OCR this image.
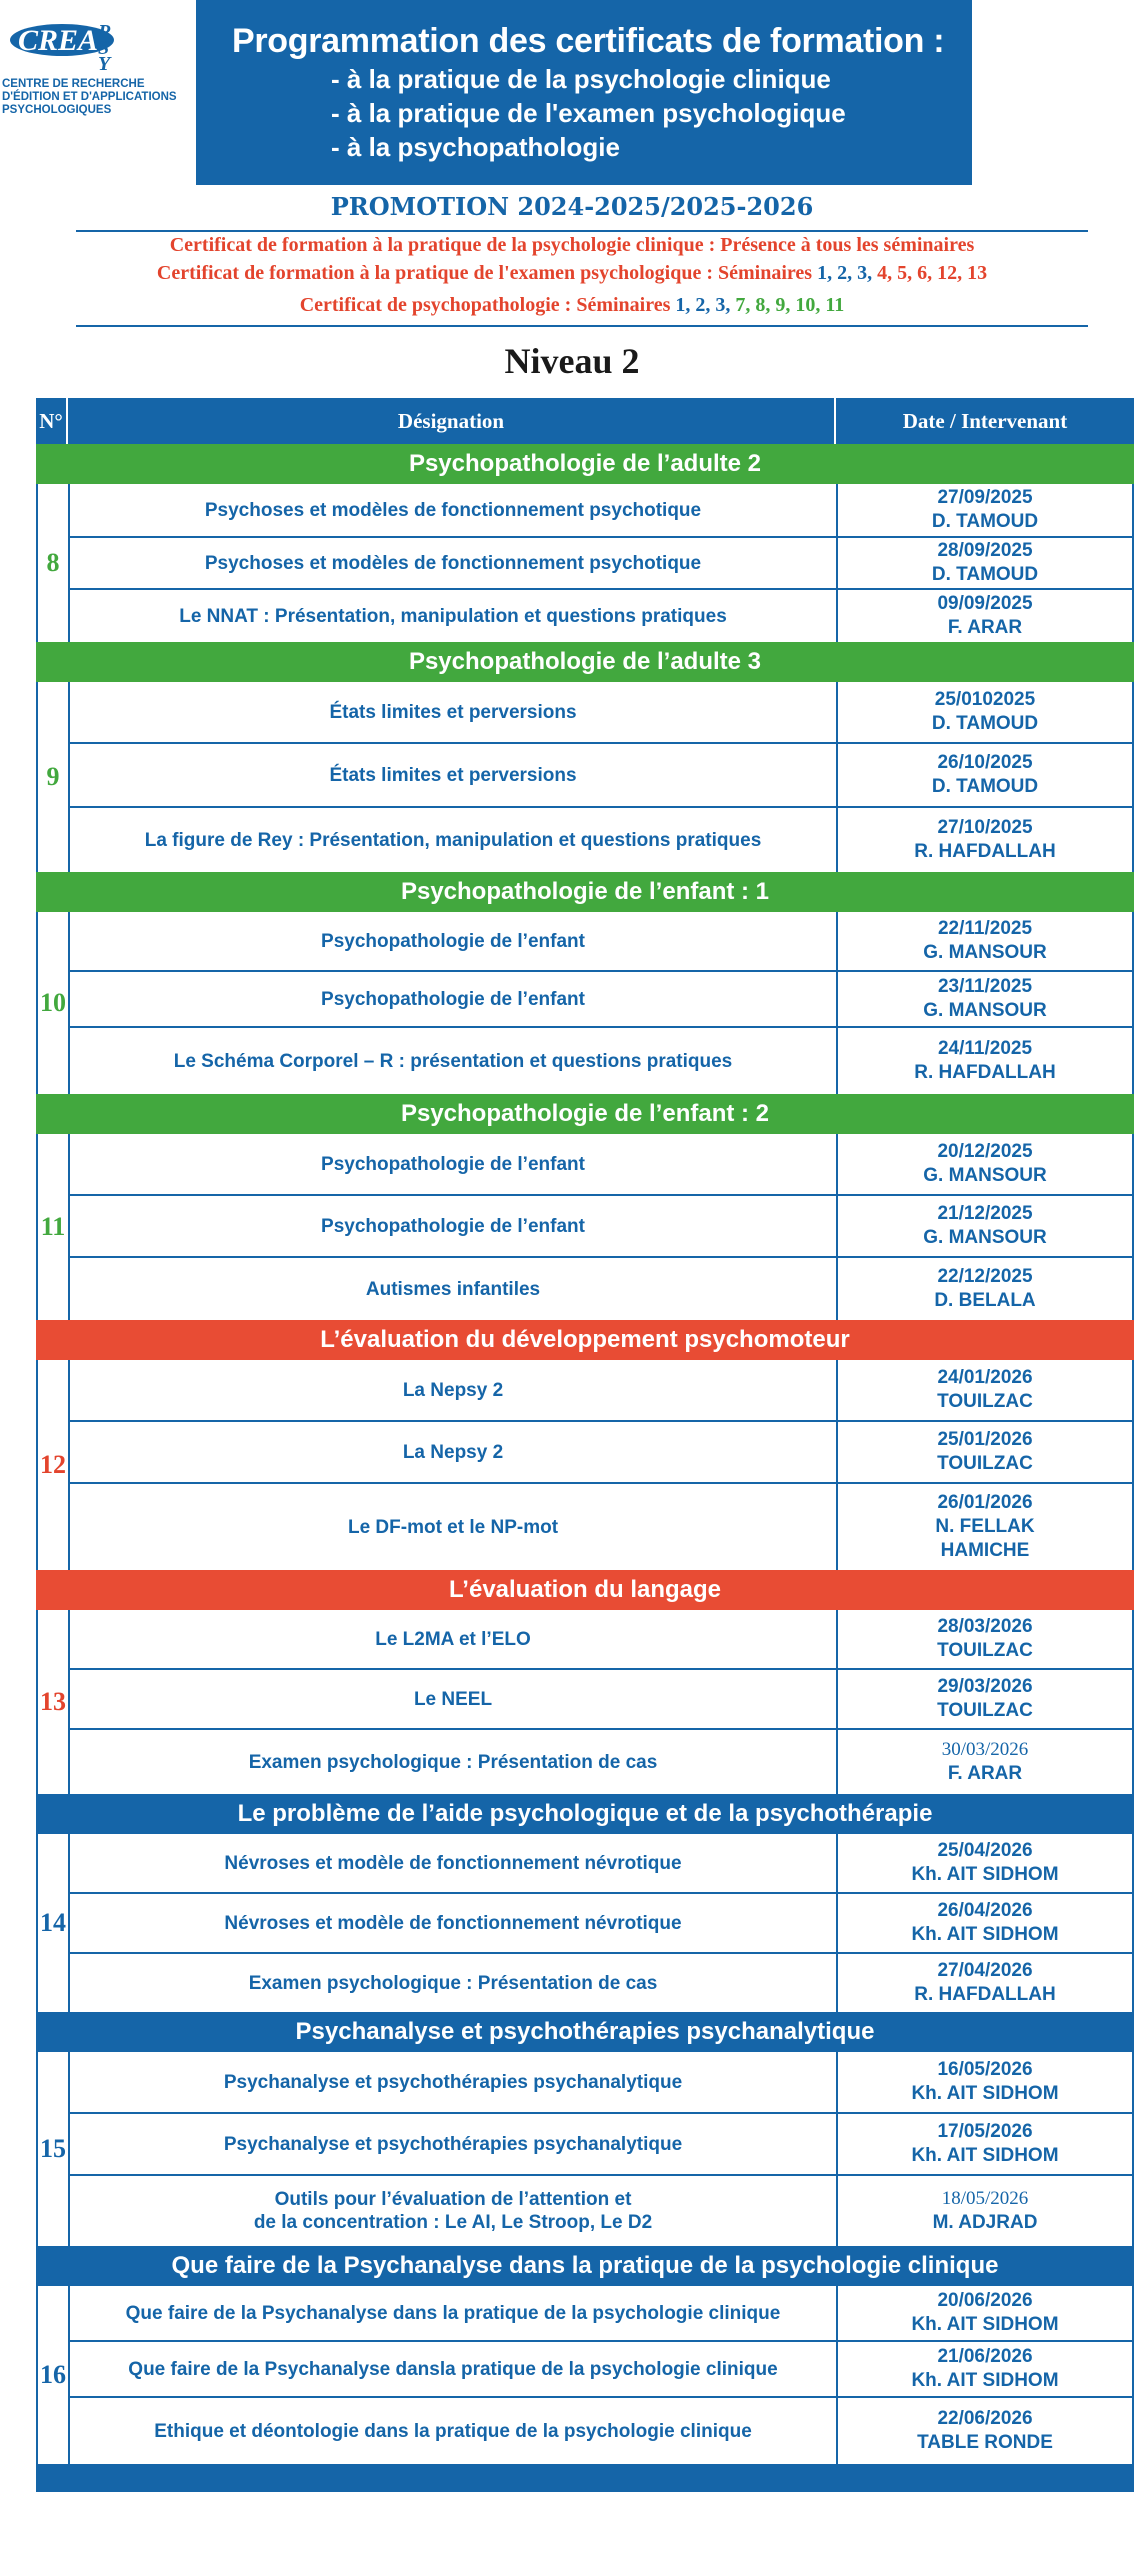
CREA P
S
Y
CENTRE DE RECHERCHE
D'ÉDITION ET D'APPLICATIONS
PSYCHOLOGIQUES
Programmation des certificats de formation :
- à la pratique de la psychologie clinique
- à la pratique de l'examen psychologique
- à la psychopathologie
PROMOTION 2024-2025/2025-2026
Certificat de formation à la pratique de la psychologie clinique : Présence à tous les séminaires
Certificat de formation à la pratique de l'examen psychologique : Séminaires 1, 2, 3, 4, 5, 6, 12, 13
Certificat de psychopathologie : Séminaires 1, 2, 3, 7, 8, 9, 10, 11
Niveau 2
N°	Désignation	Date / Intervenant
Psychopathologie de l’adulte 2
8
Psychoses et modèles de fonctionnement psychotique
27/09/2025
D. TAMOUD
Psychoses et modèles de fonctionnement psychotique
28/09/2025
D. TAMOUD
Le NNAT : Présentation, manipulation et questions pratiques
09/09/2025
F. ARAR
Psychopathologie de l’adulte 3
9
États limites et perversions
25/0102025
D. TAMOUD
États limites et perversions
26/10/2025
D. TAMOUD
La figure de Rey : Présentation, manipulation et questions pratiques
27/10/2025
R. HAFDALLAH
Psychopathologie de l’enfant : 1
10
Psychopathologie de l’enfant
22/11/2025
G. MANSOUR
Psychopathologie de l’enfant
23/11/2025
G. MANSOUR
Le Schéma Corporel – R : présentation et questions pratiques
24/11/2025
R. HAFDALLAH
Psychopathologie de l’enfant : 2
11
Psychopathologie de l’enfant
20/12/2025
G. MANSOUR
Psychopathologie de l’enfant
21/12/2025
G. MANSOUR
Autismes infantiles
22/12/2025
D. BELALA
L’évaluation du développement psychomoteur
12
La Nepsy 2
24/01/2026
TOUILZAC
La Nepsy 2
25/01/2026
TOUILZAC
Le DF-mot et le NP-mot
26/01/2026
N. FELLAK
HAMICHE
L’évaluation du langage
13
Le L2MA et l’ELO
28/03/2026
TOUILZAC
Le NEEL
29/03/2026
TOUILZAC
Examen psychologique : Présentation de cas
30/03/2026
F. ARAR
Le problème de l’aide psychologique et de la psychothérapie
14
Névroses et modèle de fonctionnement névrotique
25/04/2026
Kh. AIT SIDHOM
Névroses et modèle de fonctionnement névrotique
26/04/2026
Kh. AIT SIDHOM
Examen psychologique : Présentation de cas
27/04/2026
R. HAFDALLAH
Psychanalyse et psychothérapies psychanalytique
15
Psychanalyse et psychothérapies psychanalytique
16/05/2026
Kh. AIT SIDHOM
Psychanalyse et psychothérapies psychanalytique
17/05/2026
Kh. AIT SIDHOM
Outils pour l’évaluation de l’attention et
de la concentration : Le AI, Le Stroop, Le D2
18/05/2026
M. ADJRAD
Que faire de la Psychanalyse dans la pratique de la psychologie clinique
16
Que faire de la Psychanalyse dans la pratique de la psychologie clinique
20/06/2026
Kh. AIT SIDHOM
Que faire de la Psychanalyse dansla pratique de la psychologie clinique
21/06/2026
Kh. AIT SIDHOM
Ethique et déontologie dans la pratique de la psychologie clinique
22/06/2026
TABLE RONDE
